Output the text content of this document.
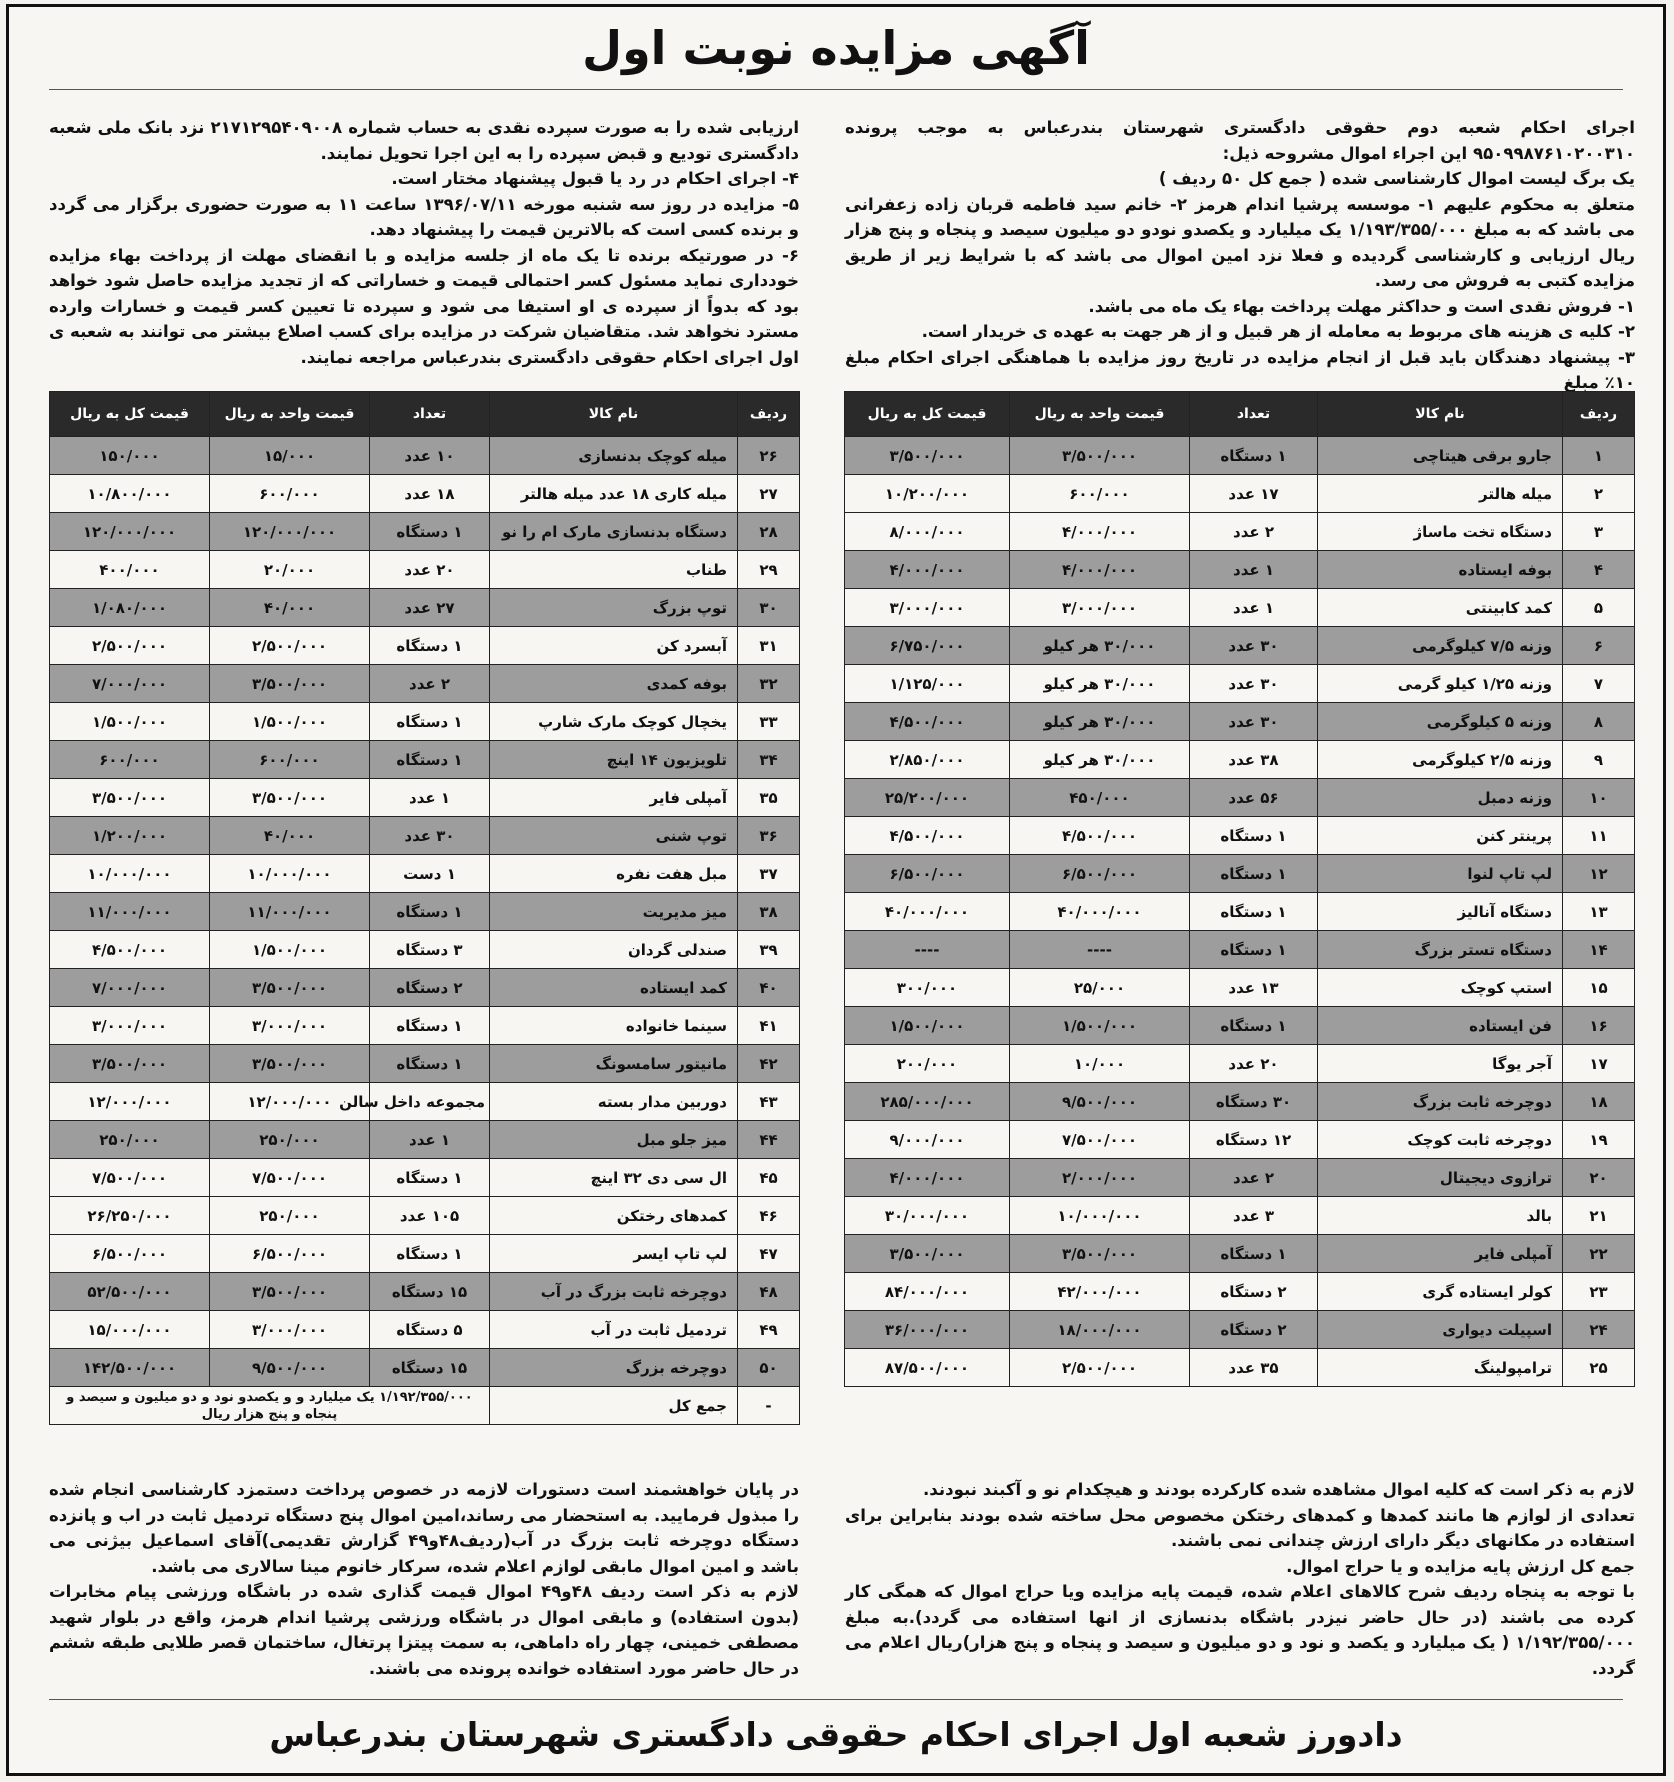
آگهی مزایده نوبت اول

اجرای احکام شعبه دوم حقوقی دادگستری شهرستان بندرعباس به موجب پرونده ۹۵۰۹۹۸۷۶۱۰۲۰۰۳۱۰ این اجراء اموال مشروحه ذیل:

یک برگ لیست اموال کارشناسی شده ( جمع کل ۵۰ ردیف )

متعلق به محکوم علیهم ۱- موسسه پرشیا اندام هرمز ۲- خانم سید فاطمه قربان زاده زعفرانی می باشد که به مبلغ ۱/۱۹۳/۳۵۵/۰۰۰ یک میلیارد و یکصدو نودو دو میلیون سیصد و پنجاه و پنج هزار ریال ارزیابی و کارشناسی گردیده و فعلا نزد امین اموال می باشد که با شرایط زیر از طریق مزایده کتبی به فروش می رسد.

۱- فروش نقدی است و حداکثر مهلت پرداخت بهاء یک ماه می باشد.

۲- کلیه ی هزینه های مربوط به معامله از هر قبیل و از هر جهت به عهده ی خریدار است.

۳- پیشنهاد دهندگان باید قبل از انجام مزایده در تاریخ روز مزایده با هماهنگی اجرای احکام مبلغ ۱۰٪ مبلغ

ارزیابی شده را به صورت سپرده نقدی به حساب شماره ۲۱۷۱۲۹۵۴۰۹۰۰۸ نزد بانک ملی شعبه دادگستری توديع و قبض سپرده را به این اجرا تحویل نمایند.

۴- اجرای احکام در رد یا قبول پیشنهاد مختار است.

۵- مزایده در روز سه شنبه مورخه ۱۳۹۶/۰۷/۱۱ ساعت ۱۱ به صورت حضوری برگزار می گردد و برنده کسی است که بالاترین قیمت را پیشنهاد دهد.

۶- در صورتیکه برنده تا یک ماه از جلسه مزایده و با انقضای مهلت از پرداخت بهاء مزایده خودداری نماید مسئول کسر احتمالی قیمت و خساراتی که از تجدید مزایده حاصل شود خواهد بود که بدواً از سپرده ی او استیفا می شود و سپرده تا تعیین کسر قیمت و خسارات وارده مسترد نخواهد شد. متقاضیان شرکت در مزایده برای کسب اصلاع بیشتر می توانند به شعبه ی اول اجرای احکام حقوقی دادگستری بندرعباس مراجعه نمایند.

ردیف	نام کالا	تعداد	قیمت واحد به ریال	قیمت کل به ریال
۱	جارو برقی هیتاچی	۱ دستگاه	۳/۵۰۰/۰۰۰	۳/۵۰۰/۰۰۰
۲	میله هالتر	۱۷ عدد	۶۰۰/۰۰۰	۱۰/۲۰۰/۰۰۰
۳	دستگاه تخت ماساژ	۲ عدد	۴/۰۰۰/۰۰۰	۸/۰۰۰/۰۰۰
۴	بوفه ایستاده	۱ عدد	۴/۰۰۰/۰۰۰	۴/۰۰۰/۰۰۰
۵	کمد کابینتی	۱ عدد	۳/۰۰۰/۰۰۰	۳/۰۰۰/۰۰۰
۶	وزنه ۷/۵ کیلوگرمی	۳۰ عدد	۳۰/۰۰۰ هر کیلو	۶/۷۵۰/۰۰۰
۷	وزنه ۱/۲۵ کیلو گرمی	۳۰ عدد	۳۰/۰۰۰ هر کیلو	۱/۱۲۵/۰۰۰
۸	وزنه ۵ کیلوگرمی	۳۰ عدد	۳۰/۰۰۰ هر کیلو	۴/۵۰۰/۰۰۰
۹	وزنه ۲/۵ کیلوگرمی	۳۸ عدد	۳۰/۰۰۰ هر کیلو	۲/۸۵۰/۰۰۰
۱۰	وزنه دمبل	۵۶ عدد	۴۵۰/۰۰۰	۲۵/۲۰۰/۰۰۰
۱۱	پرینتر کنن	۱ دستگاه	۴/۵۰۰/۰۰۰	۴/۵۰۰/۰۰۰
۱۲	لپ تاپ لنوا	۱ دستگاه	۶/۵۰۰/۰۰۰	۶/۵۰۰/۰۰۰
۱۳	دستگاه آنالیز	۱ دستگاه	۴۰/۰۰۰/۰۰۰	۴۰/۰۰۰/۰۰۰
۱۴	دستگاه تستر بزرگ	۱ دستگاه	----	----
۱۵	استپ کوچک	۱۳ عدد	۲۵/۰۰۰	۳۰۰/۰۰۰
۱۶	فن ایستاده	۱ دستگاه	۱/۵۰۰/۰۰۰	۱/۵۰۰/۰۰۰
۱۷	آجر یوگا	۲۰ عدد	۱۰/۰۰۰	۲۰۰/۰۰۰
۱۸	دوچرخه ثابت بزرگ	۳۰ دستگاه	۹/۵۰۰/۰۰۰	۲۸۵/۰۰۰/۰۰۰
۱۹	دوچرخه ثابت کوچک	۱۲ دستگاه	۷/۵۰۰/۰۰۰	۹/۰۰۰/۰۰۰
۲۰	ترازوی دیجیتال	۲ عدد	۲/۰۰۰/۰۰۰	۴/۰۰۰/۰۰۰
۲۱	بالد	۳ عدد	۱۰/۰۰۰/۰۰۰	۳۰/۰۰۰/۰۰۰
۲۲	آمپلی فایر	۱ دستگاه	۳/۵۰۰/۰۰۰	۳/۵۰۰/۰۰۰
۲۳	کولر ایستاده گری	۲ دستگاه	۴۲/۰۰۰/۰۰۰	۸۴/۰۰۰/۰۰۰
۲۴	اسپیلت دیواری	۲ دستگاه	۱۸/۰۰۰/۰۰۰	۳۶/۰۰۰/۰۰۰
۲۵	ترامپولینگ	۳۵ عدد	۲/۵۰۰/۰۰۰	۸۷/۵۰۰/۰۰۰
ردیف	نام کالا	تعداد	قیمت واحد به ریال	قیمت کل به ریال
۲۶	میله کوچک بدنسازی	۱۰ عدد	۱۵/۰۰۰	۱۵۰/۰۰۰
۲۷	میله کاری ۱۸ عدد میله هالتر	۱۸ عدد	۶۰۰/۰۰۰	۱۰/۸۰۰/۰۰۰
۲۸	دستگاه بدنسازی مارک ام را نو	۱ دستگاه	۱۲۰/۰۰۰/۰۰۰	۱۲۰/۰۰۰/۰۰۰
۲۹	طناب	۲۰ عدد	۲۰/۰۰۰	۴۰۰/۰۰۰
۳۰	توپ بزرگ	۲۷ عدد	۴۰/۰۰۰	۱/۰۸۰/۰۰۰
۳۱	آبسرد کن	۱ دستگاه	۲/۵۰۰/۰۰۰	۲/۵۰۰/۰۰۰
۳۲	بوفه کمدی	۲ عدد	۳/۵۰۰/۰۰۰	۷/۰۰۰/۰۰۰
۳۳	یخچال کوچک مارک شارپ	۱ دستگاه	۱/۵۰۰/۰۰۰	۱/۵۰۰/۰۰۰
۳۴	تلویزیون ۱۴ اینچ	۱ دستگاه	۶۰۰/۰۰۰	۶۰۰/۰۰۰
۳۵	آمپلی فایر	۱ عدد	۳/۵۰۰/۰۰۰	۳/۵۰۰/۰۰۰
۳۶	توپ شنی	۳۰ عدد	۴۰/۰۰۰	۱/۲۰۰/۰۰۰
۳۷	مبل هفت نفره	۱ دست	۱۰/۰۰۰/۰۰۰	۱۰/۰۰۰/۰۰۰
۳۸	میز مدیریت	۱ دستگاه	۱۱/۰۰۰/۰۰۰	۱۱/۰۰۰/۰۰۰
۳۹	صندلی گردان	۳ دستگاه	۱/۵۰۰/۰۰۰	۴/۵۰۰/۰۰۰
۴۰	کمد ایستاده	۲ دستگاه	۳/۵۰۰/۰۰۰	۷/۰۰۰/۰۰۰
۴۱	سینما خانواده	۱ دستگاه	۳/۰۰۰/۰۰۰	۳/۰۰۰/۰۰۰
۴۲	مانیتور سامسونگ	۱ دستگاه	۳/۵۰۰/۰۰۰	۳/۵۰۰/۰۰۰
۴۳	دوربین مدار بسته	مجموعه داخل سالن	۱۲/۰۰۰/۰۰۰	۱۲/۰۰۰/۰۰۰
۴۴	میز جلو مبل	۱ عدد	۲۵۰/۰۰۰	۲۵۰/۰۰۰
۴۵	ال سی دی ۳۲ اینچ	۱ دستگاه	۷/۵۰۰/۰۰۰	۷/۵۰۰/۰۰۰
۴۶	کمدهای رختکن	۱۰۵ عدد	۲۵۰/۰۰۰	۲۶/۲۵۰/۰۰۰
۴۷	لپ تاپ ایسر	۱ دستگاه	۶/۵۰۰/۰۰۰	۶/۵۰۰/۰۰۰
۴۸	دوچرخه ثابت بزرگ در آب	۱۵ دستگاه	۳/۵۰۰/۰۰۰	۵۲/۵۰۰/۰۰۰
۴۹	تردمیل ثابت در آب	۵ دستگاه	۳/۰۰۰/۰۰۰	۱۵/۰۰۰/۰۰۰
۵۰	دوچرخه بزرگ	۱۵ دستگاه	۹/۵۰۰/۰۰۰	۱۴۲/۵۰۰/۰۰۰
-	جمع کل	۱/۱۹۲/۳۵۵/۰۰۰ یک میلیارد و و یکصدو نود و دو میلیون و سیصد و پنجاه و پنج هزار ریال		

لازم به ذکر است که کلیه اموال مشاهده شده کارکرده بودند و هیچکدام نو و آکبند نبودند.

تعدادی از لوازم ها مانند کمدها و کمدهای رختکن مخصوص محل ساخته شده بودند بنابراین برای استفاده در مکانهای دیگر دارای ارزش چندانی نمی باشند.

جمع کل ارزش پایه مزایده و یا حراج اموال.

با توجه به پنجاه ردیف شرح کالاهای اعلام شده، قیمت پایه مزایده ویا حراج اموال که همگی کار کرده می باشند (در حال حاضر نیزدر باشگاه بدنسازی از انها استفاده می گردد).به مبلغ ۱/۱۹۲/۳۵۵/۰۰۰ ( یک میلیارد و یکصد و نود و دو میلیون و سیصد و پنجاه و پنج هزار)ریال اعلام می گردد.

در پایان خواهشمند است دستورات لازمه در خصوص پرداخت دستمزد کارشناسی انجام شده را مبذول فرمایید. به استحضار می رساند،امین اموال پنج دستگاه تردمیل ثابت در اب و پانزده دستگاه دوچرخه ثابت بزرگ در آب(ردیف۴۸و۴۹ گزارش تقدیمی)آقای اسماعیل بیژنی می باشد و امین اموال مابقی لوازم اعلام شده، سرکار خانوم مینا سالاری می باشد.

لازم به ذکر است ردیف ۴۸و۴۹ اموال قیمت گذاری شده در باشگاه ورزشی پیام مخابرات (بدون استفاده) و مابقی اموال در باشگاه ورزشی پرشیا اندام هرمز، واقع در بلوار شهید مصطفی خمینی، چهار راه داماهی، به سمت پیتزا پرتغال، ساختمان قصر طلایی طبقه ششم در حال حاضر مورد استفاده خوانده پرونده می باشند.

دادورز شعبه اول اجرای احکام حقوقی دادگستری شهرستان بندرعباس
